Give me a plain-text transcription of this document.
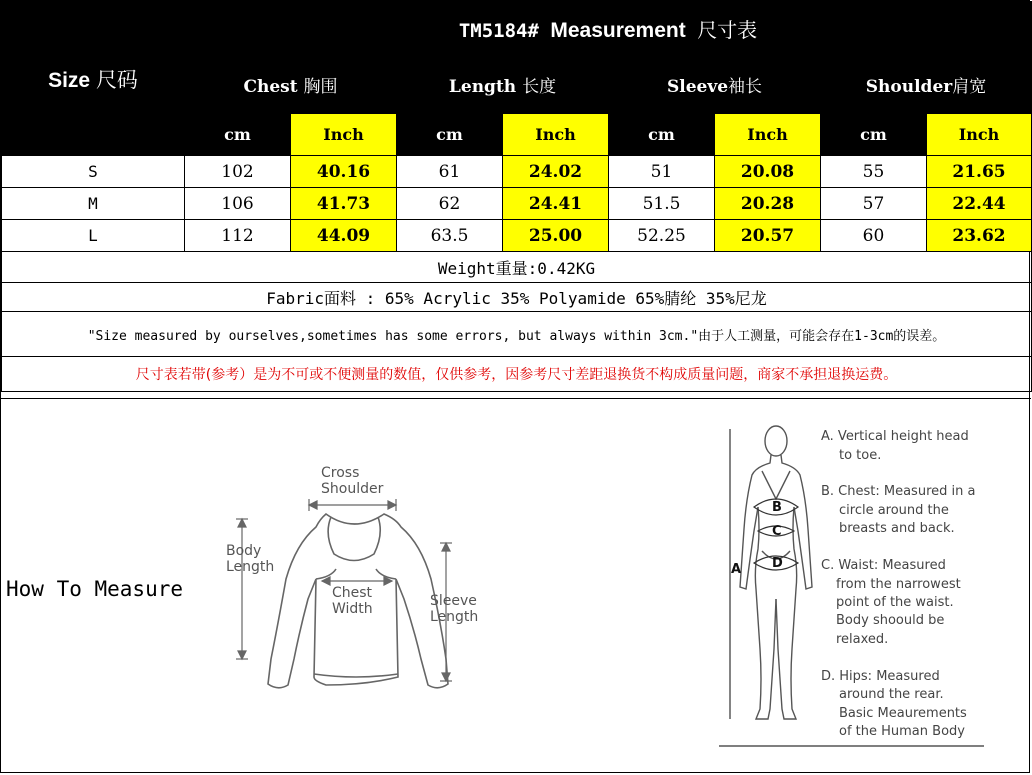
Size 尺码	TM5184# Measurement 尺寸表							
	Chest 胸围		Length 长度		Sleeve袖长		Shoulder肩宽	
	cm	Inch	cm	Inch	cm	Inch	cm	Inch
S	102	40.16	61	24.02	51	20.08	55	21.65
M	106	41.73	62	24.41	51.5	20.28	57	22.44
L	112	44.09	63.5	25.00	52.25	20.57	60	23.62
Weight重量:0.42KG								
Fabric面料 : 65% Acrylic 35% Polyamide 65%腈纶 35%尼龙								
"Size measured by ourselves,sometimes has some errors, but always within 3cm."由于人工测量，可能会存在1-3cm的误差。								
尺寸表若带(参考）是为不可或不便测量的数值，仅供参考，因参考尺寸差距退换货不构成质量问题，商家不承担退换运费。								
How To Measure
Cross
Shoulder
Body
Length
Chest
Width	Sleeve
Length
B
C
D
A
A. Vertical height head
to toe.
B. Chest: Measured in a
circle around the
breasts and back.
C. Waist: Measured
from the narrowest
point of the waist.
Body shoould be
relaxed.
D. Hips: Measured
around the rear.
Basic Meaurements
of the Human Body
